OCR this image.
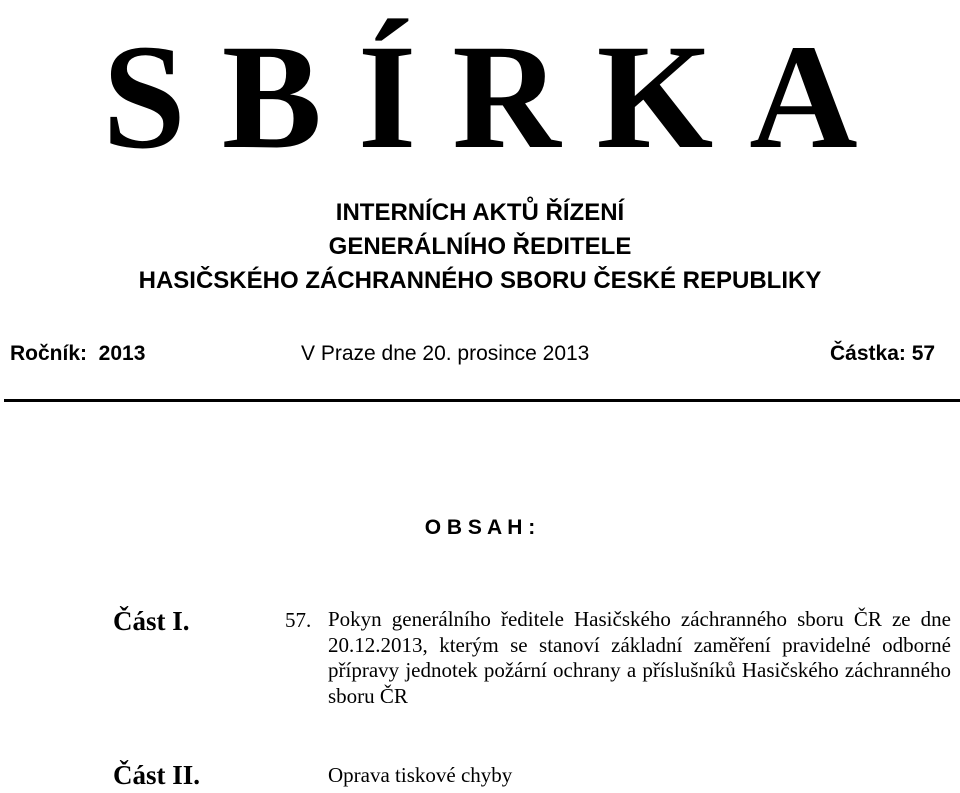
S B Í R K A
INTERNÍCH AKTŮ ŘÍZENÍ
GENERÁLNÍHO ŘEDITELE
HASIČSKÉHO ZÁCHRANNÉHO SBORU ČESKÉ REPUBLIKY
Ročník:  2013	V Praze dne 20. prosince 2013	Částka: 57
O B S A H :
Část I.	57. Pokyn generálního ředitele Hasičského záchranného sboru ČR ze dne 20.12.2013, kterým se stanoví základní zaměření pravidelné odborné přípravy jednotek požární ochrany a příslušníků Hasičského záchranného sboru ČR
Část II.	Oprava tiskové chyby
